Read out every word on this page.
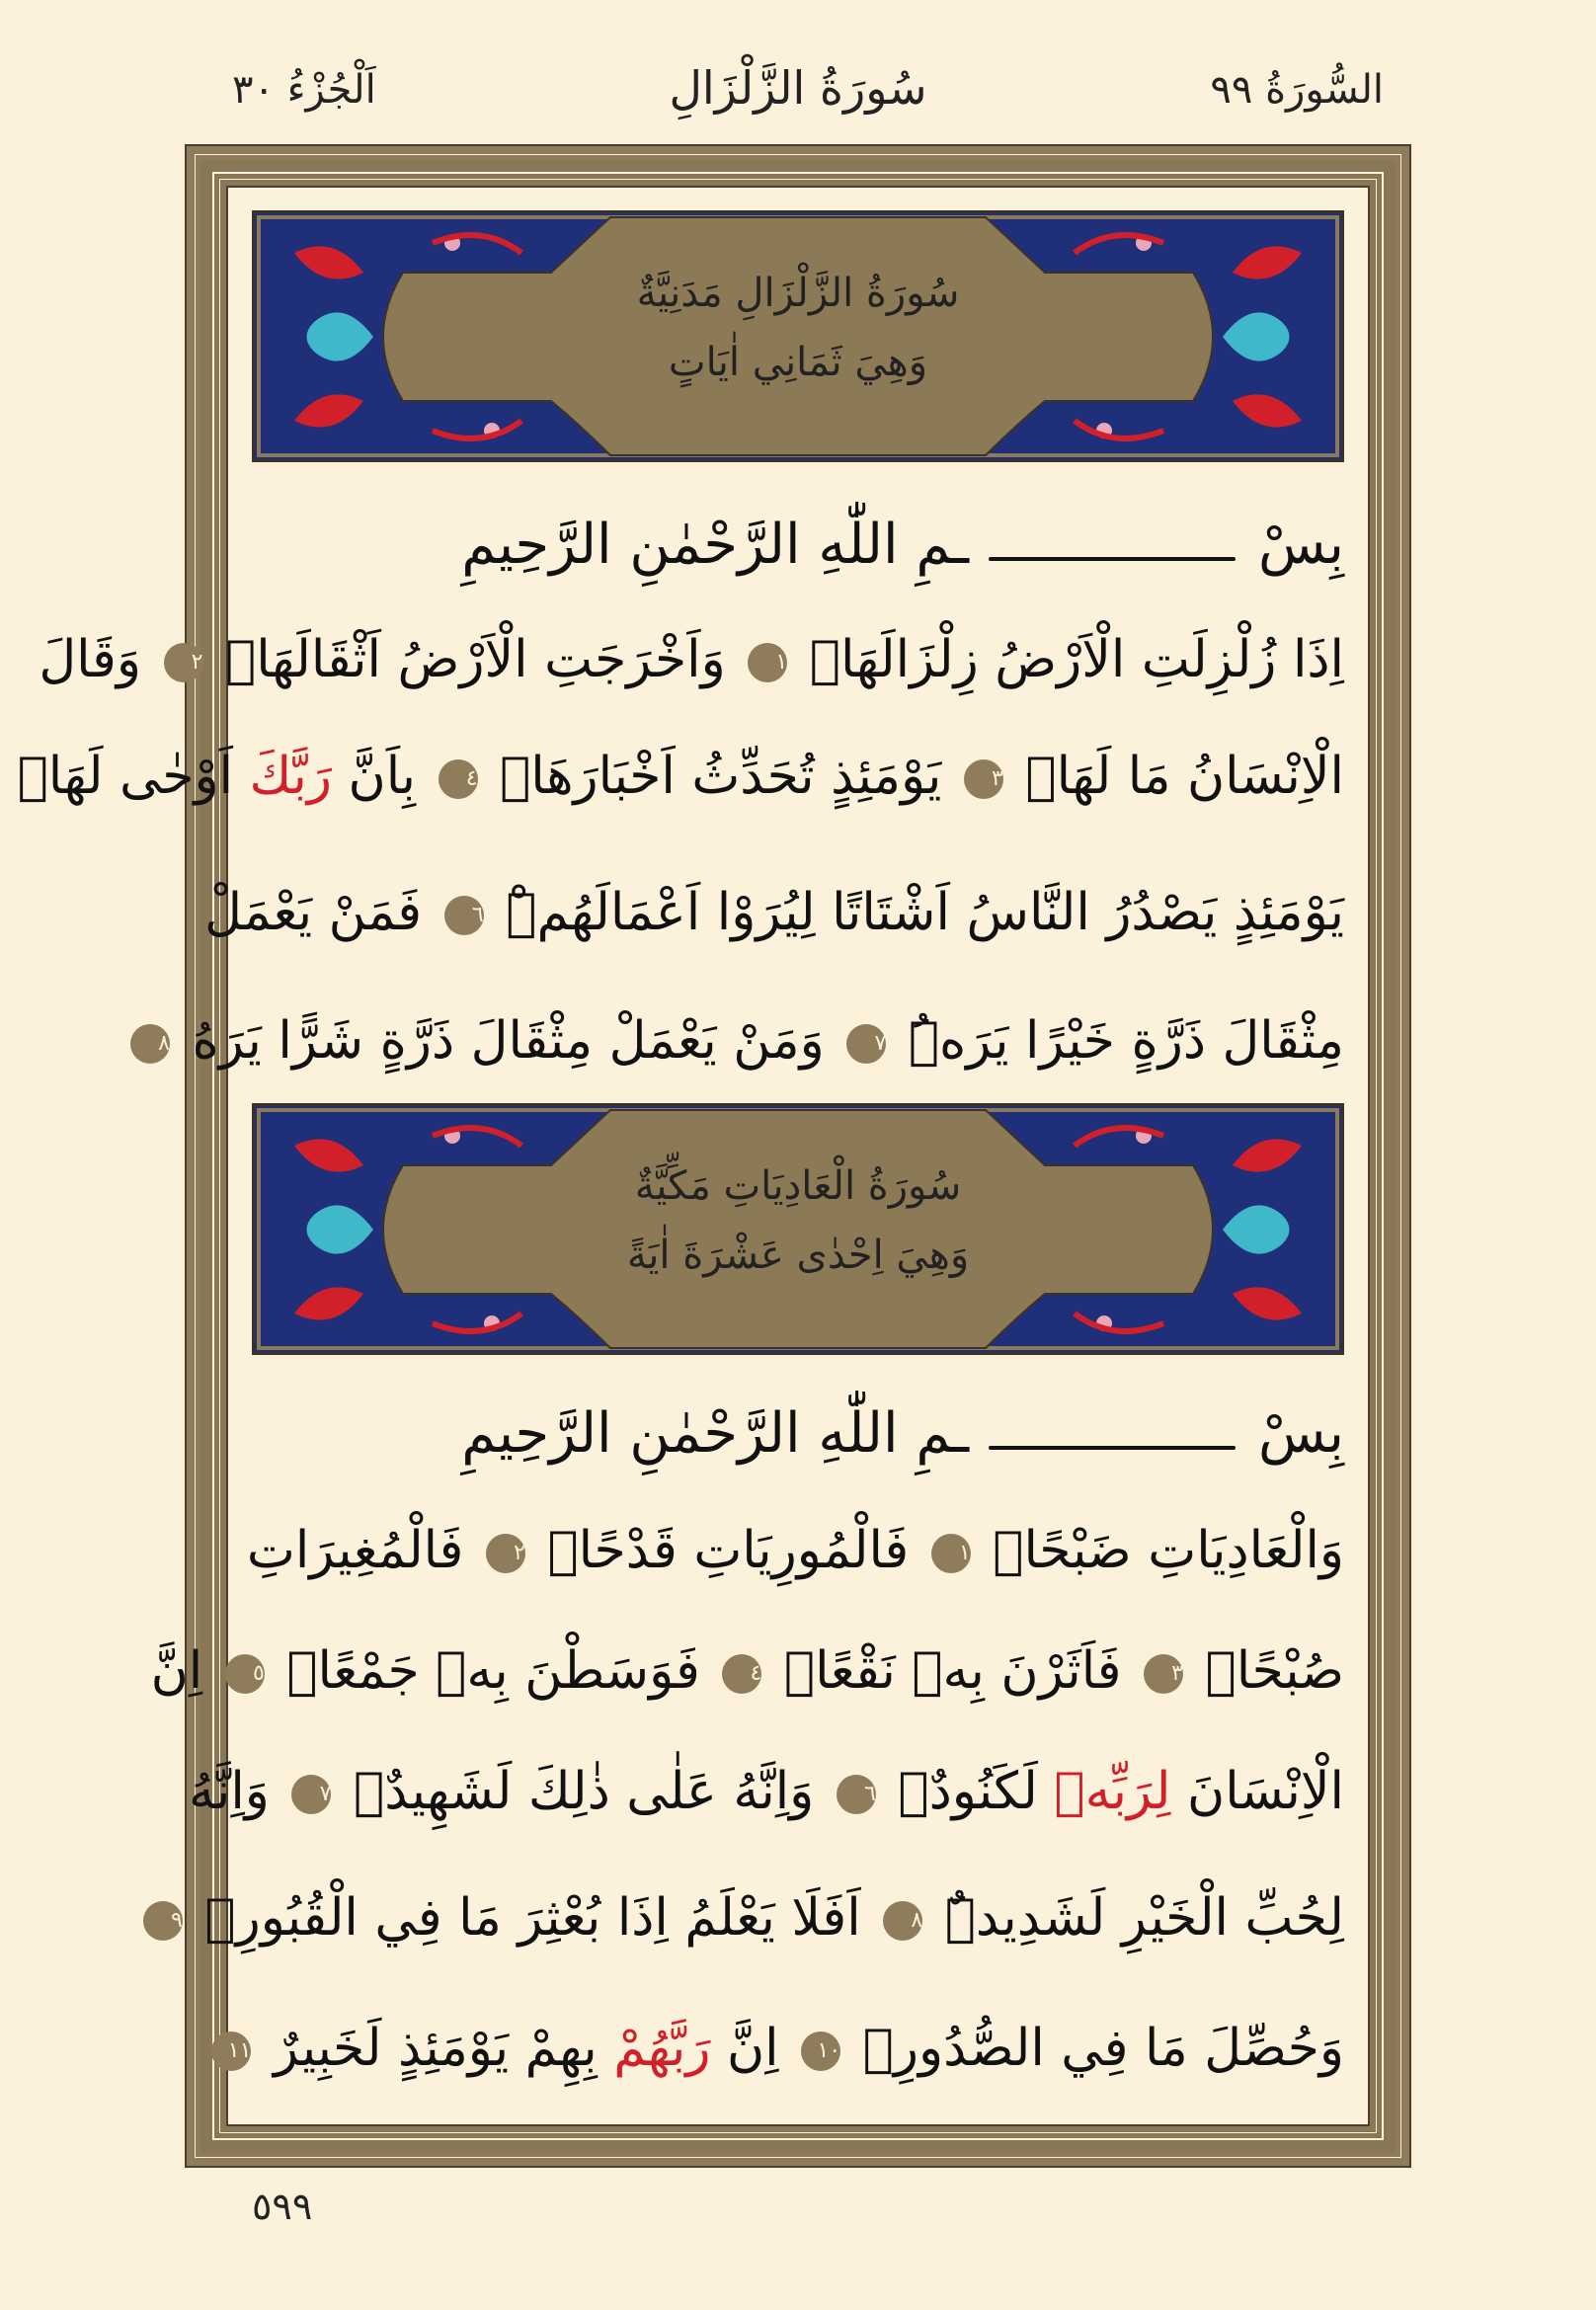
السُّورَةُ ٩٩
سُورَةُ الزَّلْزَالِ
اَلْجُزْءُ ٣٠
سُورَةُ الزَّلْزَالِ مَدَنِيَّةٌ
وَهِيَ ثَمَانِي اٰيَاتٍ
بِسْ
ـمِ اللّٰهِ الرَّحْمٰنِ الرَّحِيمِ
اِذَا زُلْزِلَتِ الْاَرْضُ زِلْزَالَهَاۙ ١ وَاَخْرَجَتِ الْاَرْضُ اَثْقَالَهَاۙ ٢ وَقَالَ
الْاِنْسَانُ مَا لَهَاۚ ٣ يَوْمَئِذٍ تُحَدِّثُ اَخْبَارَهَاۙ ٤ بِاَنَّ رَبَّكَ اَوْحٰى لَهَاۜ
يَوْمَئِذٍ يَصْدُرُ النَّاسُ اَشْتَاتًا لِيُرَوْا اَعْمَالَهُمْۜ ٦ فَمَنْ يَعْمَلْ
مِثْقَالَ ذَرَّةٍ خَيْرًا يَرَهُۜ ٧ وَمَنْ يَعْمَلْ مِثْقَالَ ذَرَّةٍ شَرًّا يَرَهُ ٨
سُورَةُ الْعَادِيَاتِ مَكِّيَّةٌ
وَهِيَ اِحْدٰى عَشْرَةَ اٰيَةً
بِسْ
ـمِ اللّٰهِ الرَّحْمٰنِ الرَّحِيمِ
وَالْعَادِيَاتِ ضَبْحًاۙ ١ فَالْمُورِيَاتِ قَدْحًاۙ ٢ فَالْمُغِيرَاتِ
صُبْحًاۙ ٣ فَاَثَرْنَ بِهٖ نَقْعًاۙ ٤ فَوَسَطْنَ بِهٖ جَمْعًاۙ ٥ اِنَّ
الْاِنْسَانَ لِرَبِّهٖ لَكَنُودٌۚ ٦ وَاِنَّهُ عَلٰى ذٰلِكَ لَشَهِيدٌۚ ٧ وَاِنَّهُ
لِحُبِّ الْخَيْرِ لَشَدِيدٌۜ ٨ اَفَلَا يَعْلَمُ اِذَا بُعْثِرَ مَا فِي الْقُبُورِۙ ٩
وَحُصِّلَ مَا فِي الصُّدُورِۙ ١٠ اِنَّ رَبَّهُمْ بِهِمْ يَوْمَئِذٍ لَخَبِيرٌ ١١
٥٩٩
